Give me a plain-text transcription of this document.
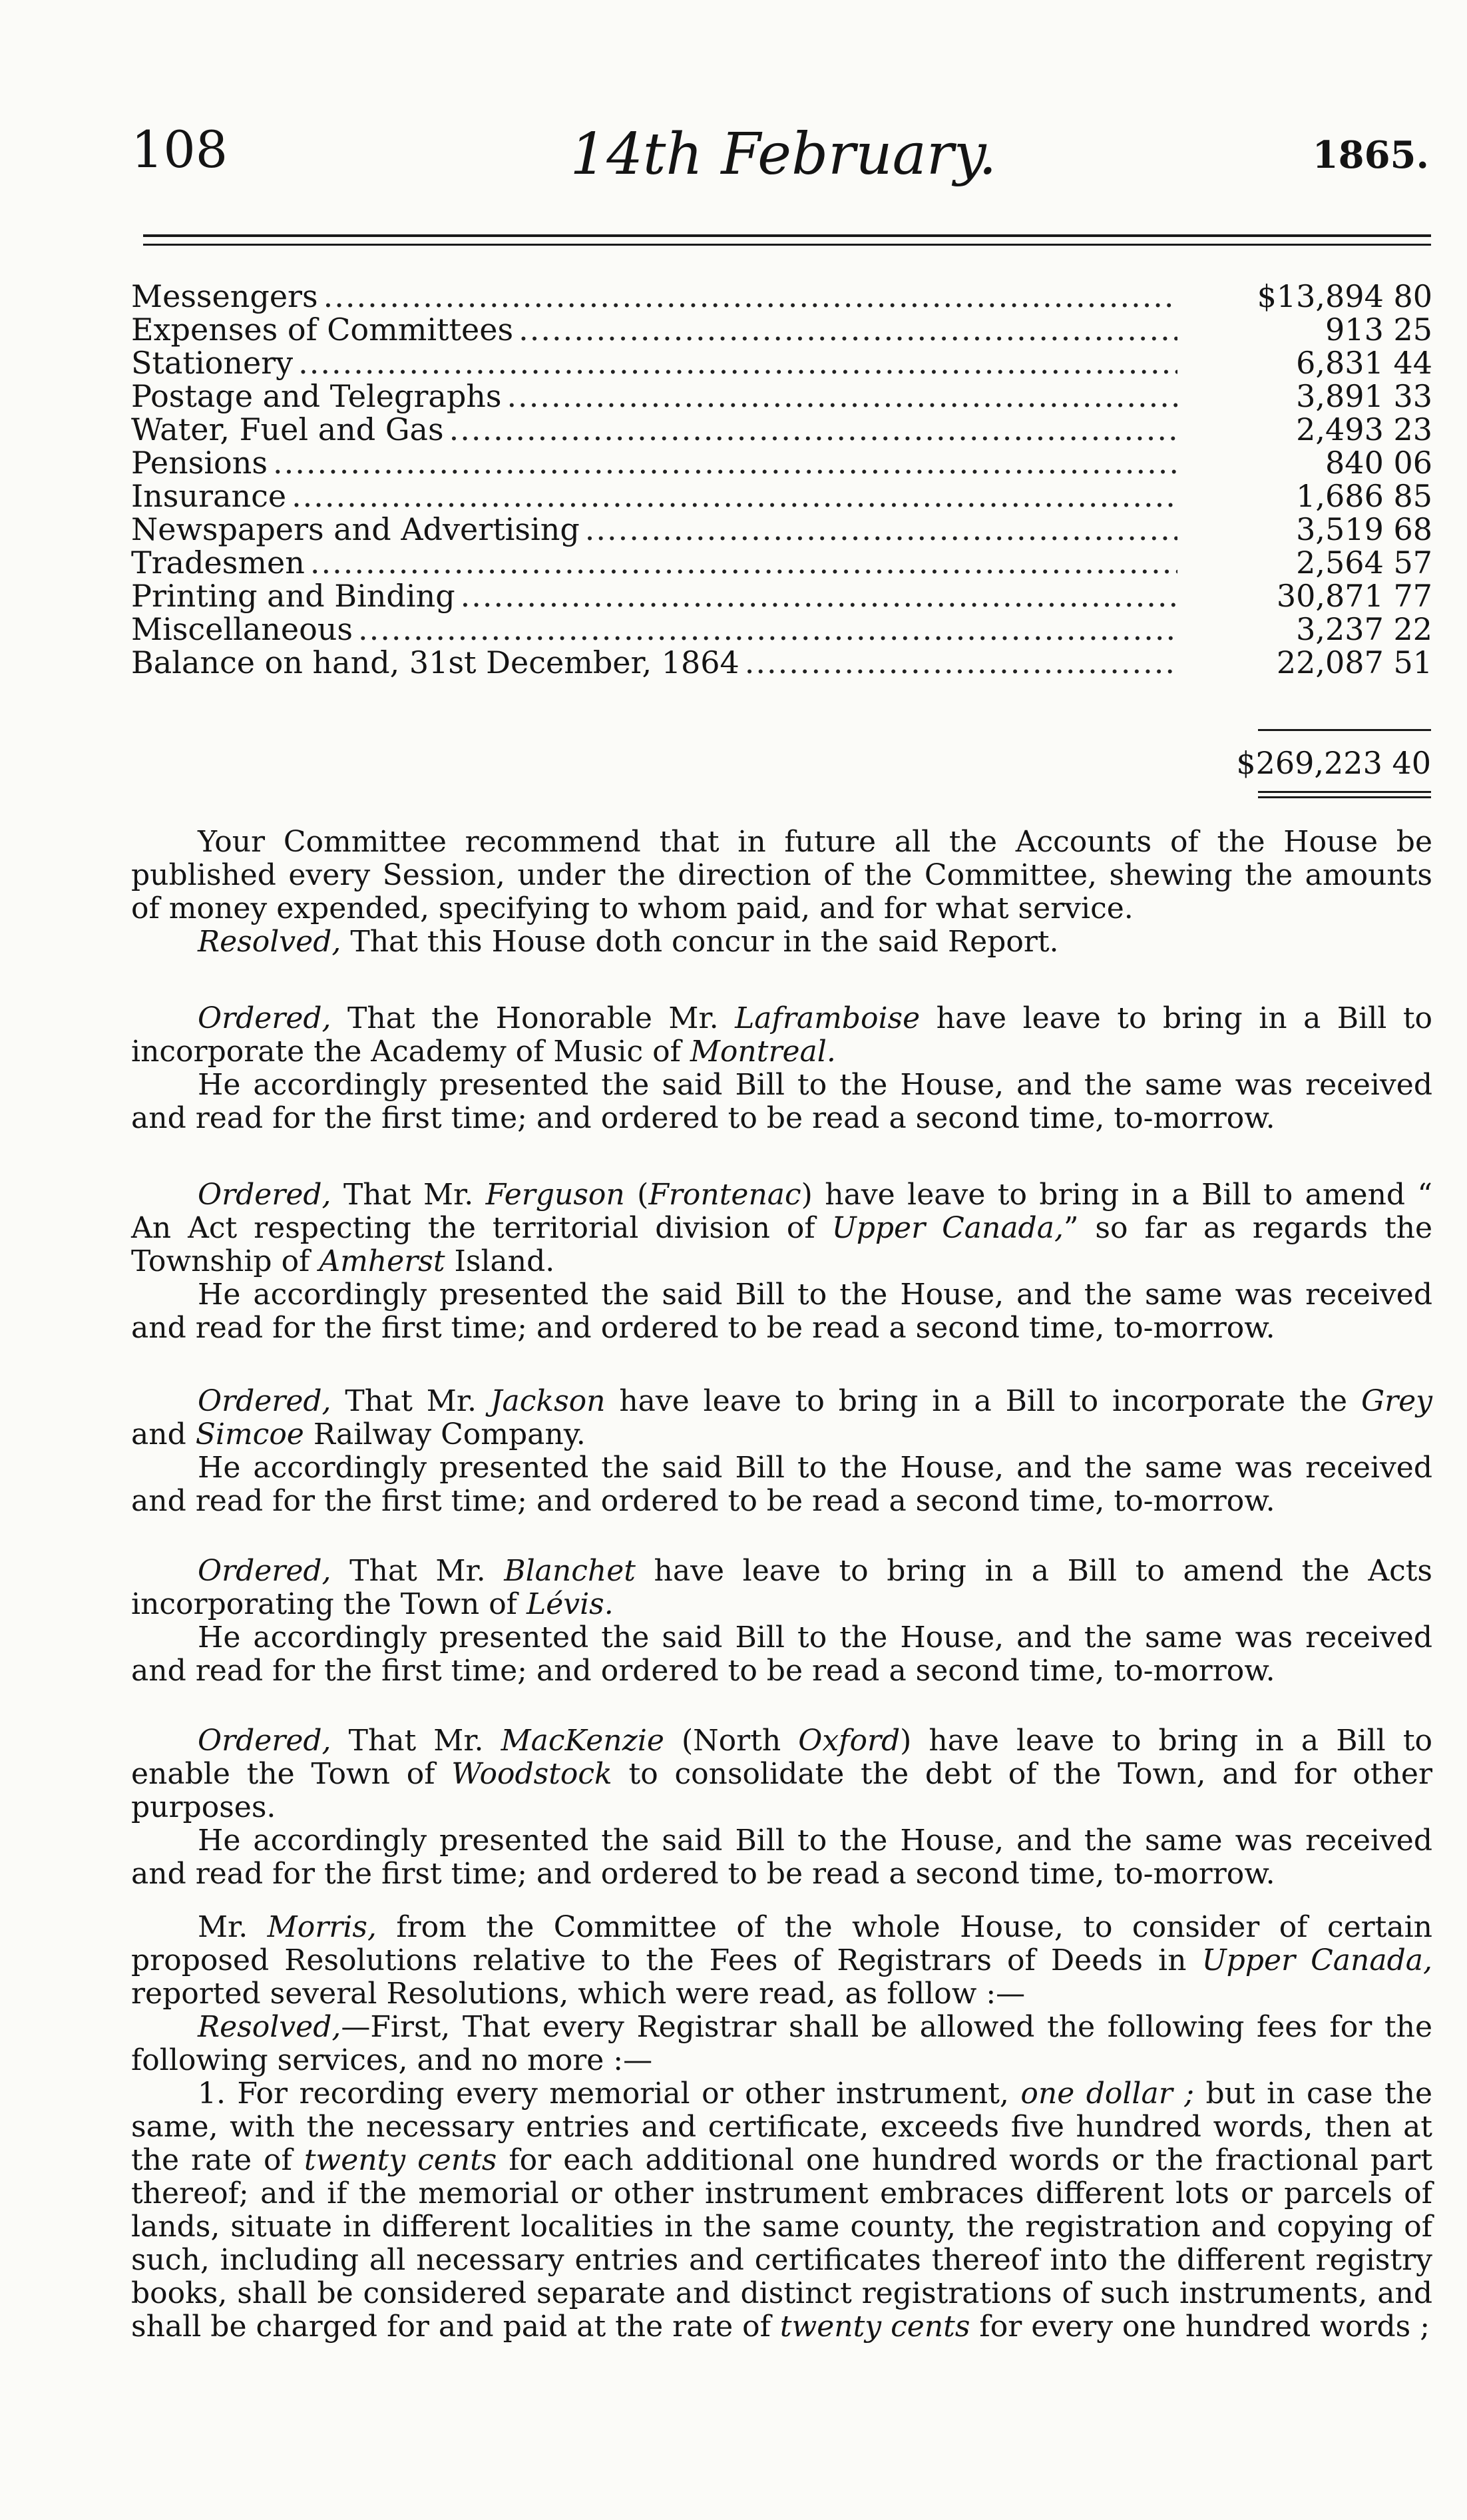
108	14th February.	1865.
Messengers .....	$13,894 80
Expenses of Committees .....	913 25
Stationery .....	6,831 44
Postage and Telegraphs .....	3,891 33
Water, Fuel and Gas .....	2,493 23
Pensions .....	840 06
Insurance .....	1,686 85
Newspapers and Advertising .....	3,519 68
Tradesmen .....	2,564 57
Printing and Binding .....	30,871 77
Miscellaneous .....	3,237 22
Balance on hand, 31st December, 1864 .....	22,087 51
$269,223 40

Your Committee recommend that in future all the Accounts of the House be published every Session, under the direction of the Committee, shewing the amounts of money expended, specifying to whom paid, and for what service.

Resolved, That this House doth concur in the said Report.

Ordered, That the Honorable Mr. Laframboise have leave to bring in a Bill to incorporate the Academy of Music of Montreal.

He accordingly presented the said Bill to the House, and the same was received and read for the first time; and ordered to be read a second time, to-morrow.

Ordered, That Mr. Ferguson (Frontenac) have leave to bring in a Bill to amend “ An Act respecting the territorial division of Upper Canada,” so far as regards the Township of Amherst Island.

He accordingly presented the said Bill to the House, and the same was received and read for the first time; and ordered to be read a second time, to-morrow.

Ordered, That Mr. Jackson have leave to bring in a Bill to incorporate the Grey and Simcoe Railway Company.

He accordingly presented the said Bill to the House, and the same was received and read for the first time; and ordered to be read a second time, to-morrow.

Ordered, That Mr. Blanchet have leave to bring in a Bill to amend the Acts incorporating the Town of Lévis.

He accordingly presented the said Bill to the House, and the same was received and read for the first time; and ordered to be read a second time, to-morrow.

Ordered, That Mr. MacKenzie (North Oxford) have leave to bring in a Bill to enable the Town of Woodstock to consolidate the debt of the Town, and for other purposes.

He accordingly presented the said Bill to the House, and the same was received and read for the first time; and ordered to be read a second time, to-morrow.

Mr. Morris, from the Committee of the whole House, to consider of certain proposed Resolutions relative to the Fees of Registrars of Deeds in Upper Canada, reported several Resolutions, which were read, as follow :—

Resolved,—First, That every Registrar shall be allowed the following fees for the following services, and no more :—

1. For recording every memorial or other instrument, one dollar ; but in case the same, with the necessary entries and certificate, exceeds five hundred words, then at the rate of twenty cents for each additional one hundred words or the fractional part thereof; and if the memorial or other instrument embraces different lots or parcels of lands, situate in different localities in the same county, the registration and copying of such, including all necessary entries and certificates thereof into the different registry books, shall be considered separate and distinct registrations of such instruments, and shall be charged for and paid at the rate of twenty cents for every one hundred words ;
